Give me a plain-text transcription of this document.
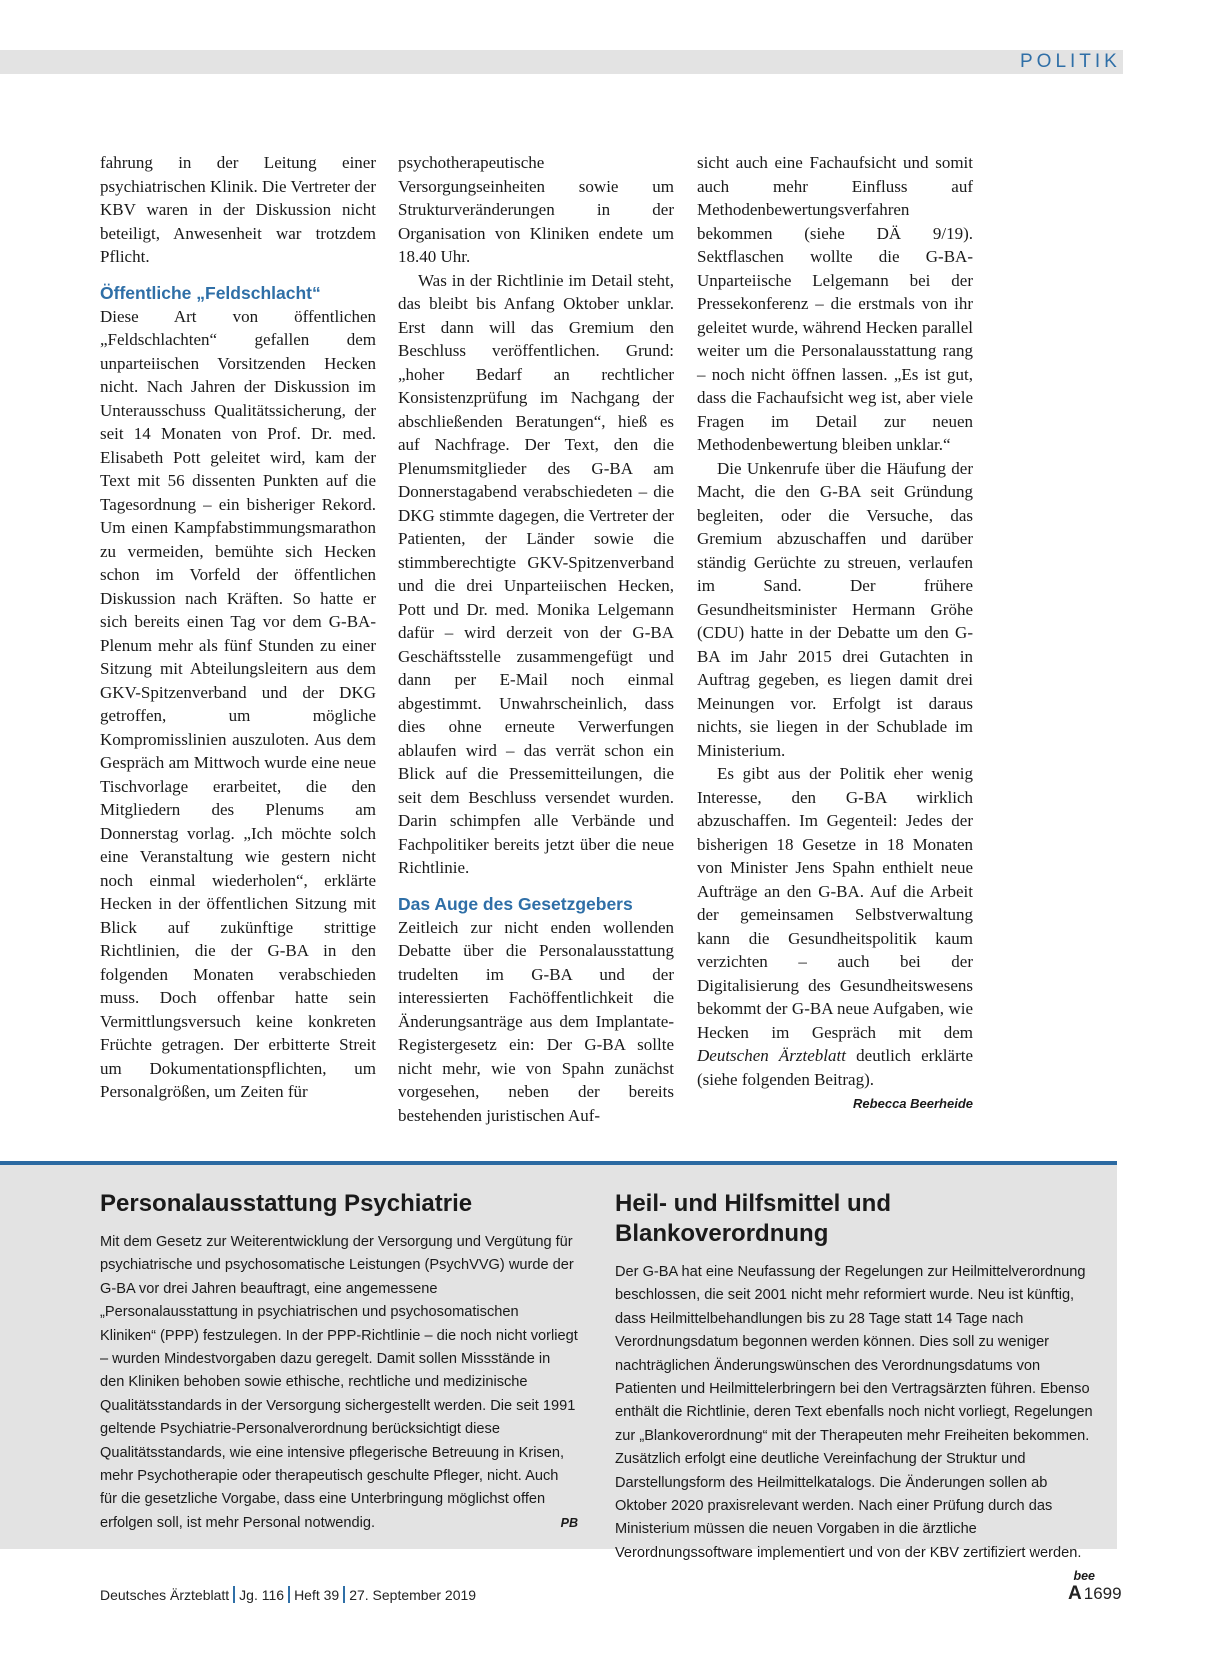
POLITIK

fahrung in der Leitung einer psychiatrischen Klinik. Die Vertreter der KBV waren in der Diskussion nicht beteiligt, Anwesenheit war trotzdem Pflicht.

Öffentliche „Feldschlacht“

Diese Art von öffentlichen „Feldschlachten“ gefallen dem unparteiischen Vorsitzenden Hecken nicht. Nach Jahren der Diskussion im Unterausschuss Qualitätssicherung, der seit 14 Monaten von Prof. Dr. med. Elisabeth Pott geleitet wird, kam der Text mit 56 dissenten Punkten auf die Tagesordnung – ein bisheriger Rekord. Um einen Kampfabstimmungsmarathon zu vermeiden, bemühte sich Hecken schon im Vorfeld der öffentlichen Diskussion nach Kräften. So hatte er sich bereits einen Tag vor dem G-BA-Plenum mehr als fünf Stunden zu einer Sitzung mit Abteilungsleitern aus dem GKV-Spitzenverband und der DKG getroffen, um mögliche Kompromisslinien auszuloten. Aus dem Gespräch am Mittwoch wurde eine neue Tischvorlage erarbeitet, die den Mitgliedern des Plenums am Donnerstag vorlag. „Ich möchte solch eine Veranstaltung wie gestern nicht noch einmal wiederholen“, erklärte Hecken in der öffentlichen Sitzung mit Blick auf zukünftige strittige Richtlinien, die der G-BA in den folgenden Monaten verabschieden muss. Doch offenbar hatte sein Vermittlungsversuch keine konkreten Früchte getragen. Der erbitterte Streit um Dokumentationspflichten, um Personalgrößen, um Zeiten für

psychotherapeutische Versorgungseinheiten sowie um Strukturveränderungen in der Organisation von Kliniken endete um 18.40 Uhr.

Was in der Richtlinie im Detail steht, das bleibt bis Anfang Oktober unklar. Erst dann will das Gremium den Beschluss veröffentlichen. Grund: „hoher Bedarf an rechtlicher Konsistenzprüfung im Nachgang der abschließenden Beratungen“, hieß es auf Nachfrage. Der Text, den die Plenumsmitglieder des G-BA am Donnerstagabend verabschiedeten – die DKG stimmte dagegen, die Vertreter der Patienten, der Länder sowie die stimmberechtigte GKV-Spitzenverband und die drei Unparteiischen Hecken, Pott und Dr. med. Monika Lelgemann dafür – wird derzeit von der G-BA Geschäftsstelle zusammengefügt und dann per E-Mail noch einmal abgestimmt. Unwahrscheinlich, dass dies ohne erneute Verwerfungen ablaufen wird – das verrät schon ein Blick auf die Pressemitteilungen, die seit dem Beschluss versendet wurden. Darin schimpfen alle Verbände und Fachpolitiker bereits jetzt über die neue Richtlinie.

Das Auge des Gesetzgebers

Zeitleich zur nicht enden wollenden Debatte über die Personalausstattung trudelten im G-BA und der interessierten Fachöffentlichkeit die Änderungsanträge aus dem Implantate-Registergesetz ein: Der G-BA sollte nicht mehr, wie von Spahn zunächst vorgesehen, neben der bereits bestehenden juristischen Auf-

sicht auch eine Fachaufsicht und somit auch mehr Einfluss auf Methodenbewertungsverfahren bekommen (siehe DÄ 9/19). Sektflaschen wollte die G-BA-Unparteiische Lelgemann bei der Pressekonferenz – die erstmals von ihr geleitet wurde, während Hecken parallel weiter um die Personalausstattung rang – noch nicht öffnen lassen. „Es ist gut, dass die Fachaufsicht weg ist, aber viele Fragen im Detail zur neuen Methodenbewertung bleiben unklar.“

Die Unkenrufe über die Häufung der Macht, die den G-BA seit Gründung begleiten, oder die Versuche, das Gremium abzuschaffen und darüber ständig Gerüchte zu streuen, verlaufen im Sand. Der frühere Gesundheitsminister Hermann Gröhe (CDU) hatte in der Debatte um den G-BA im Jahr 2015 drei Gutachten in Auftrag gegeben, es liegen damit drei Meinungen vor. Erfolgt ist daraus nichts, sie liegen in der Schublade im Ministerium.

Es gibt aus der Politik eher wenig Interesse, den G-BA wirklich abzuschaffen. Im Gegenteil: Jedes der bisherigen 18 Gesetze in 18 Monaten von Minister Jens Spahn enthielt neue Aufträge an den G-BA. Auf die Arbeit der gemeinsamen Selbstverwaltung kann die Gesundheitspolitik kaum verzichten – auch bei der Digitalisierung des Gesundheitswesens bekommt der G-BA neue Aufgaben, wie Hecken im Gespräch mit dem Deutschen Ärzteblatt deutlich erklärte (siehe folgenden Beitrag).
Rebecca Beerheide

Personalausstattung Psychiatrie

Mit dem Gesetz zur Weiterentwicklung der Versorgung und Vergütung für psychiatrische und psychosomatische Leistungen (PsychVVG) wurde der G-BA vor drei Jahren beauftragt, eine angemessene „Personalausstattung in psychiatrischen und psychosomatischen Kliniken“ (PPP) festzulegen. In der PPP-Richtlinie – die noch nicht vorliegt – wurden Mindestvorgaben dazu geregelt. Damit sollen Missstände in den Kliniken behoben sowie ethische, rechtliche und medizinische Qualitätsstandards in der Versorgung sichergestellt werden. Die seit 1991 geltende Psychiatrie-Personalverordnung berücksichtigt diese Qualitätsstandards, wie eine intensive pflegerische Betreuung in Krisen, mehr Psychotherapie oder therapeutisch geschulte Pfleger, nicht. Auch für die gesetzliche Vorgabe, dass eine Unterbringung möglichst offen erfolgen soll, ist mehr Personal notwendig.	PB

Heil- und Hilfsmittel und Blankoverordnung

Der G-BA hat eine Neufassung der Regelungen zur Heilmittelverordnung beschlossen, die seit 2001 nicht mehr reformiert wurde. Neu ist künftig, dass Heilmittelbehandlungen bis zu 28 Tage statt 14 Tage nach Verordnungsdatum begonnen werden können. Dies soll zu weniger nachträglichen Änderungswünschen des Verordnungsdatums von Patienten und Heilmittelerbringern bei den Vertragsärzten führen. Ebenso enthält die Richtlinie, deren Text ebenfalls noch nicht vorliegt, Regelungen zur „Blankoverordnung“ mit der Therapeuten mehr Freiheiten bekommen. Zusätzlich erfolgt eine deutliche Vereinfachung der Struktur und Darstellungsform des Heilmittelkatalogs. Die Änderungen sollen ab Oktober 2020 praxisrelevant werden. Nach einer Prüfung durch das Ministerium müssen die neuen Vorgaben in die ärztliche Verordnungssoftware implementiert und von der KBV zertifiziert werden.
bee

Deutsches Ärzteblatt Jg. 116 Heft 39 27. September 2019	A 1699
